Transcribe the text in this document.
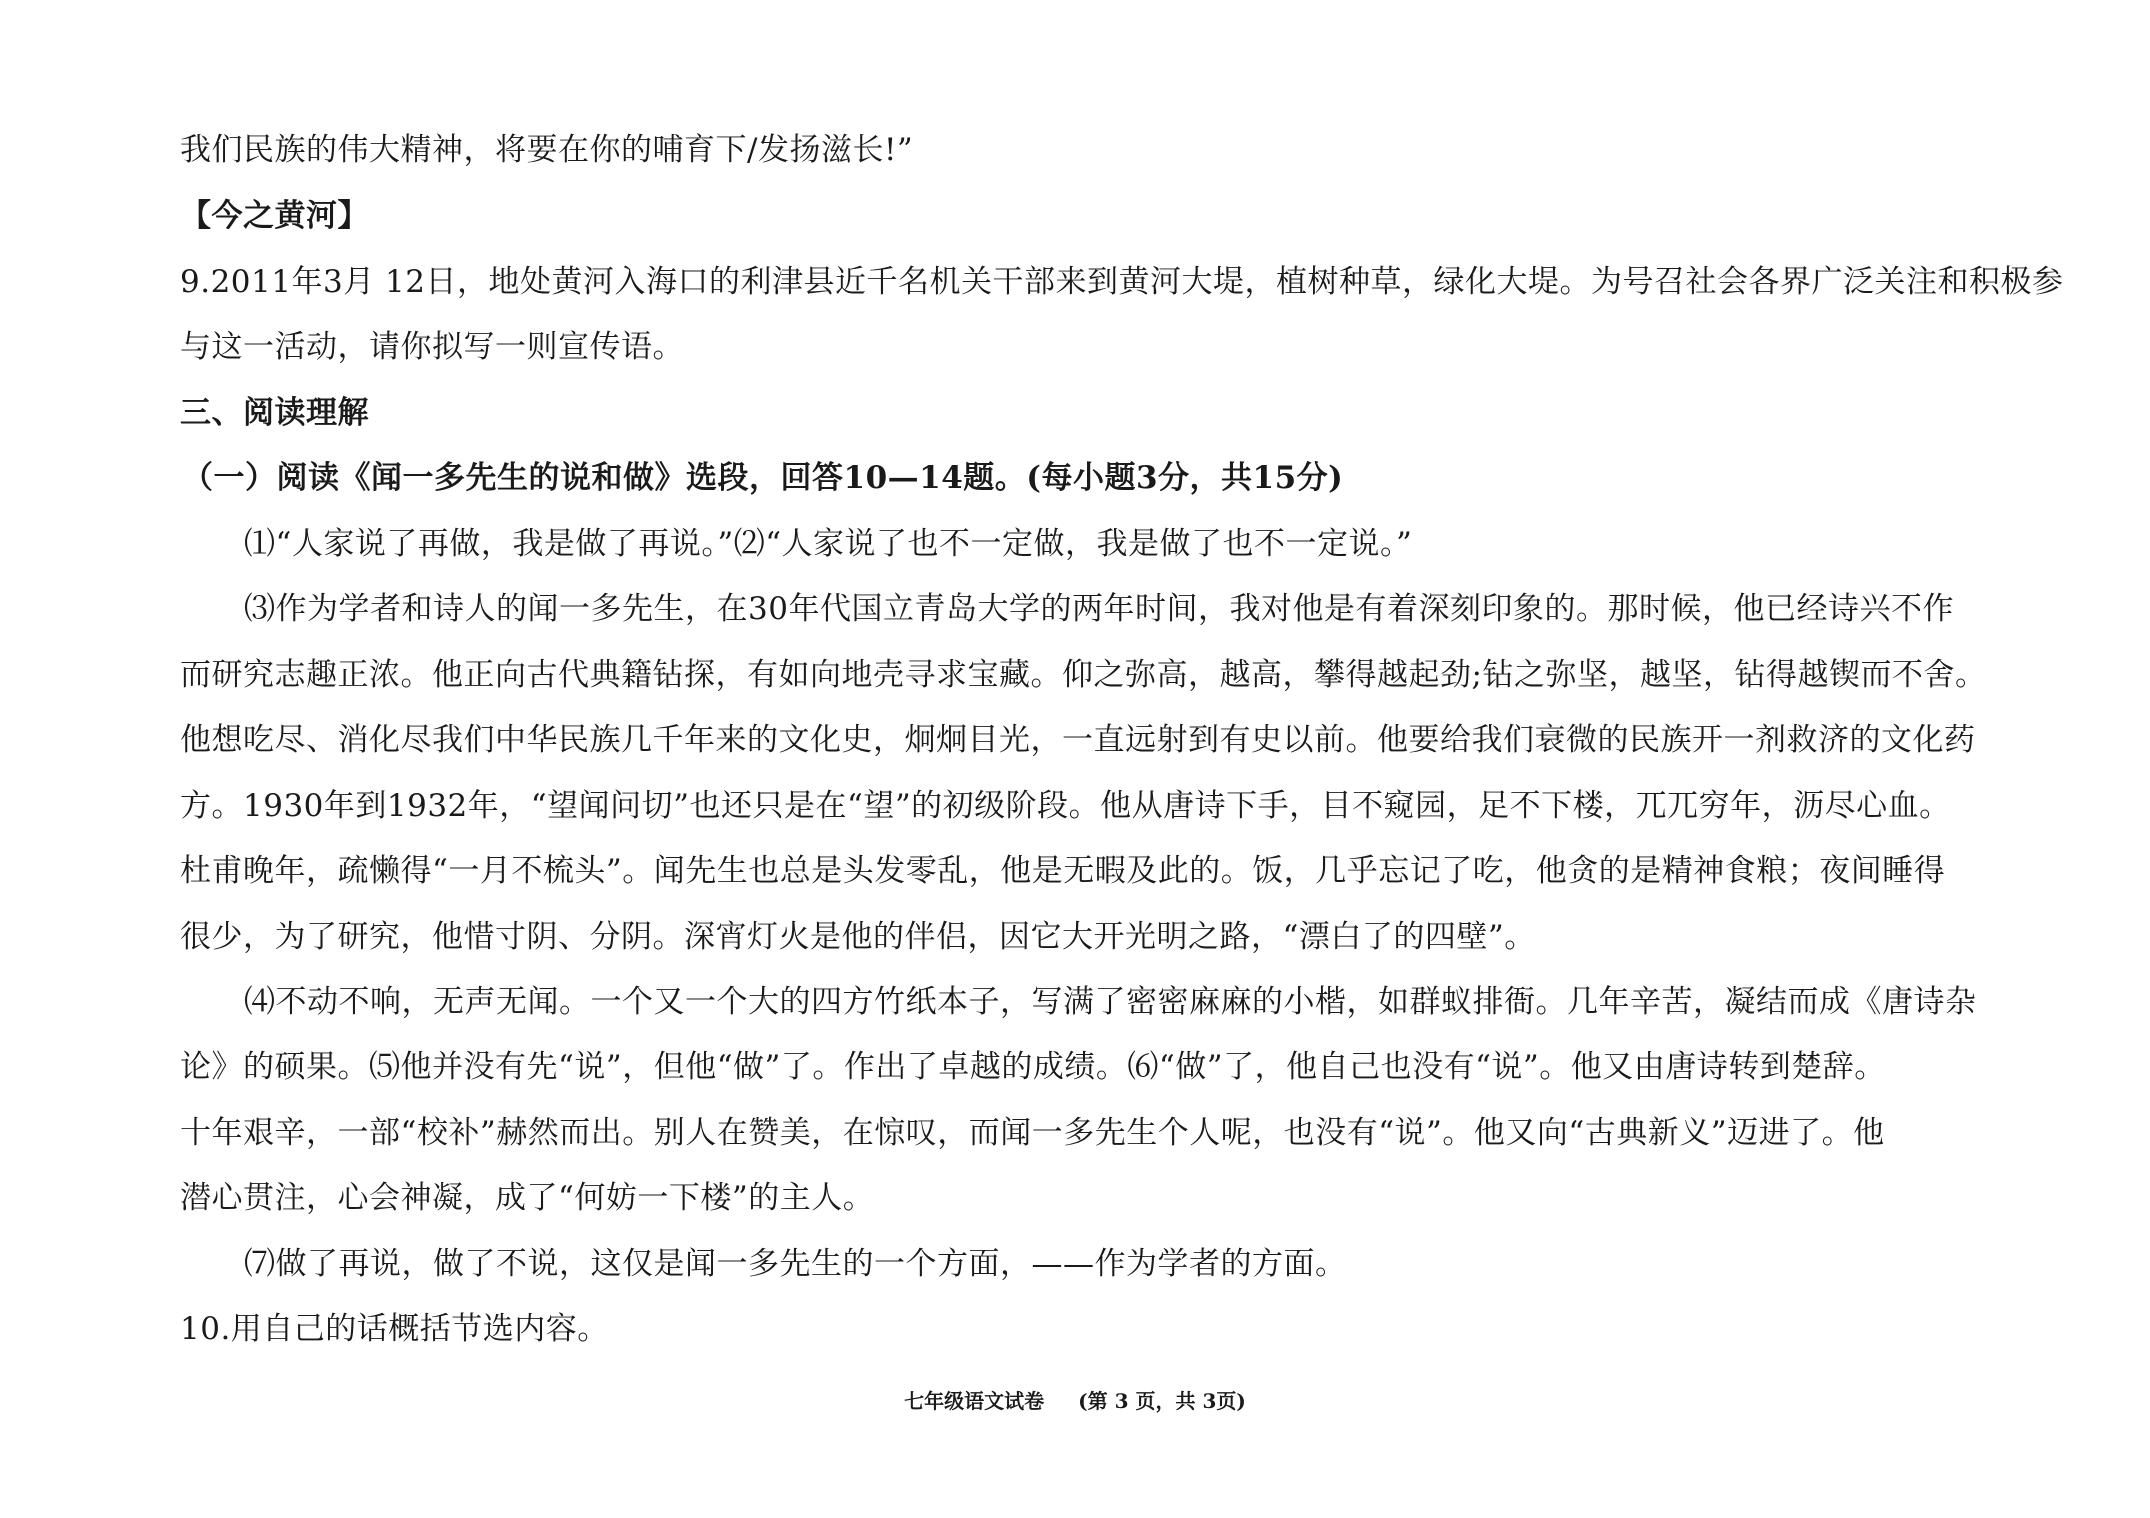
我们民族的伟大精神，将要在你的哺育下/发扬滋长!”
【今之黄河】
9.2011年3月 12日，地处黄河入海口的利津县近千名机关干部来到黄河大堤，植树种草，绿化大堤。为号召社会各界广泛关注和积极参
与这一活动，请你拟写一则宣传语。
三、阅读理解
（一）阅读《闻一多先生的说和做》选段，回答10—14题。(每小题3分，共15分)
⑴“人家说了再做，我是做了再说。”⑵“人家说了也不一定做，我是做了也不一定说。”
⑶作为学者和诗人的闻一多先生，在30年代国立青岛大学的两年时间，我对他是有着深刻印象的。那时候，他已经诗兴不作
而研究志趣正浓。他正向古代典籍钻探，有如向地壳寻求宝藏。仰之弥高，越高，攀得越起劲;钻之弥坚，越坚，钻得越锲而不舍。
他想吃尽、消化尽我们中华民族几千年来的文化史，炯炯目光，一直远射到有史以前。他要给我们衰微的民族开一剂救济的文化药
方。1930年到1932年，“望闻问切”也还只是在“望”的初级阶段。他从唐诗下手，目不窥园，足不下楼，兀兀穷年，沥尽心血。
杜甫晚年，疏懒得“一月不梳头”。闻先生也总是头发零乱，他是无暇及此的。饭，几乎忘记了吃，他贪的是精神食粮；夜间睡得
很少，为了研究，他惜寸阴、分阴。深宵灯火是他的伴侣，因它大开光明之路，“漂白了的四壁”。
⑷不动不响，无声无闻。一个又一个大的四方竹纸本子，写满了密密麻麻的小楷，如群蚁排衙。几年辛苦，凝结而成《唐诗杂
论》的硕果。⑸他并没有先“说”，但他“做”了。作出了卓越的成绩。⑹“做”了，他自己也没有“说”。他又由唐诗转到楚辞。
十年艰辛，一部“校补”赫然而出。别人在赞美，在惊叹，而闻一多先生个人呢，也没有“说”。他又向“古典新义”迈进了。他
潜心贯注，心会神凝，成了“何妨一下楼”的主人。
⑺做了再说，做了不说，这仅是闻一多先生的一个方面，——作为学者的方面。
10.用自己的话概括节选内容。
七年级语文试卷 (第 3 页，共 3页)
